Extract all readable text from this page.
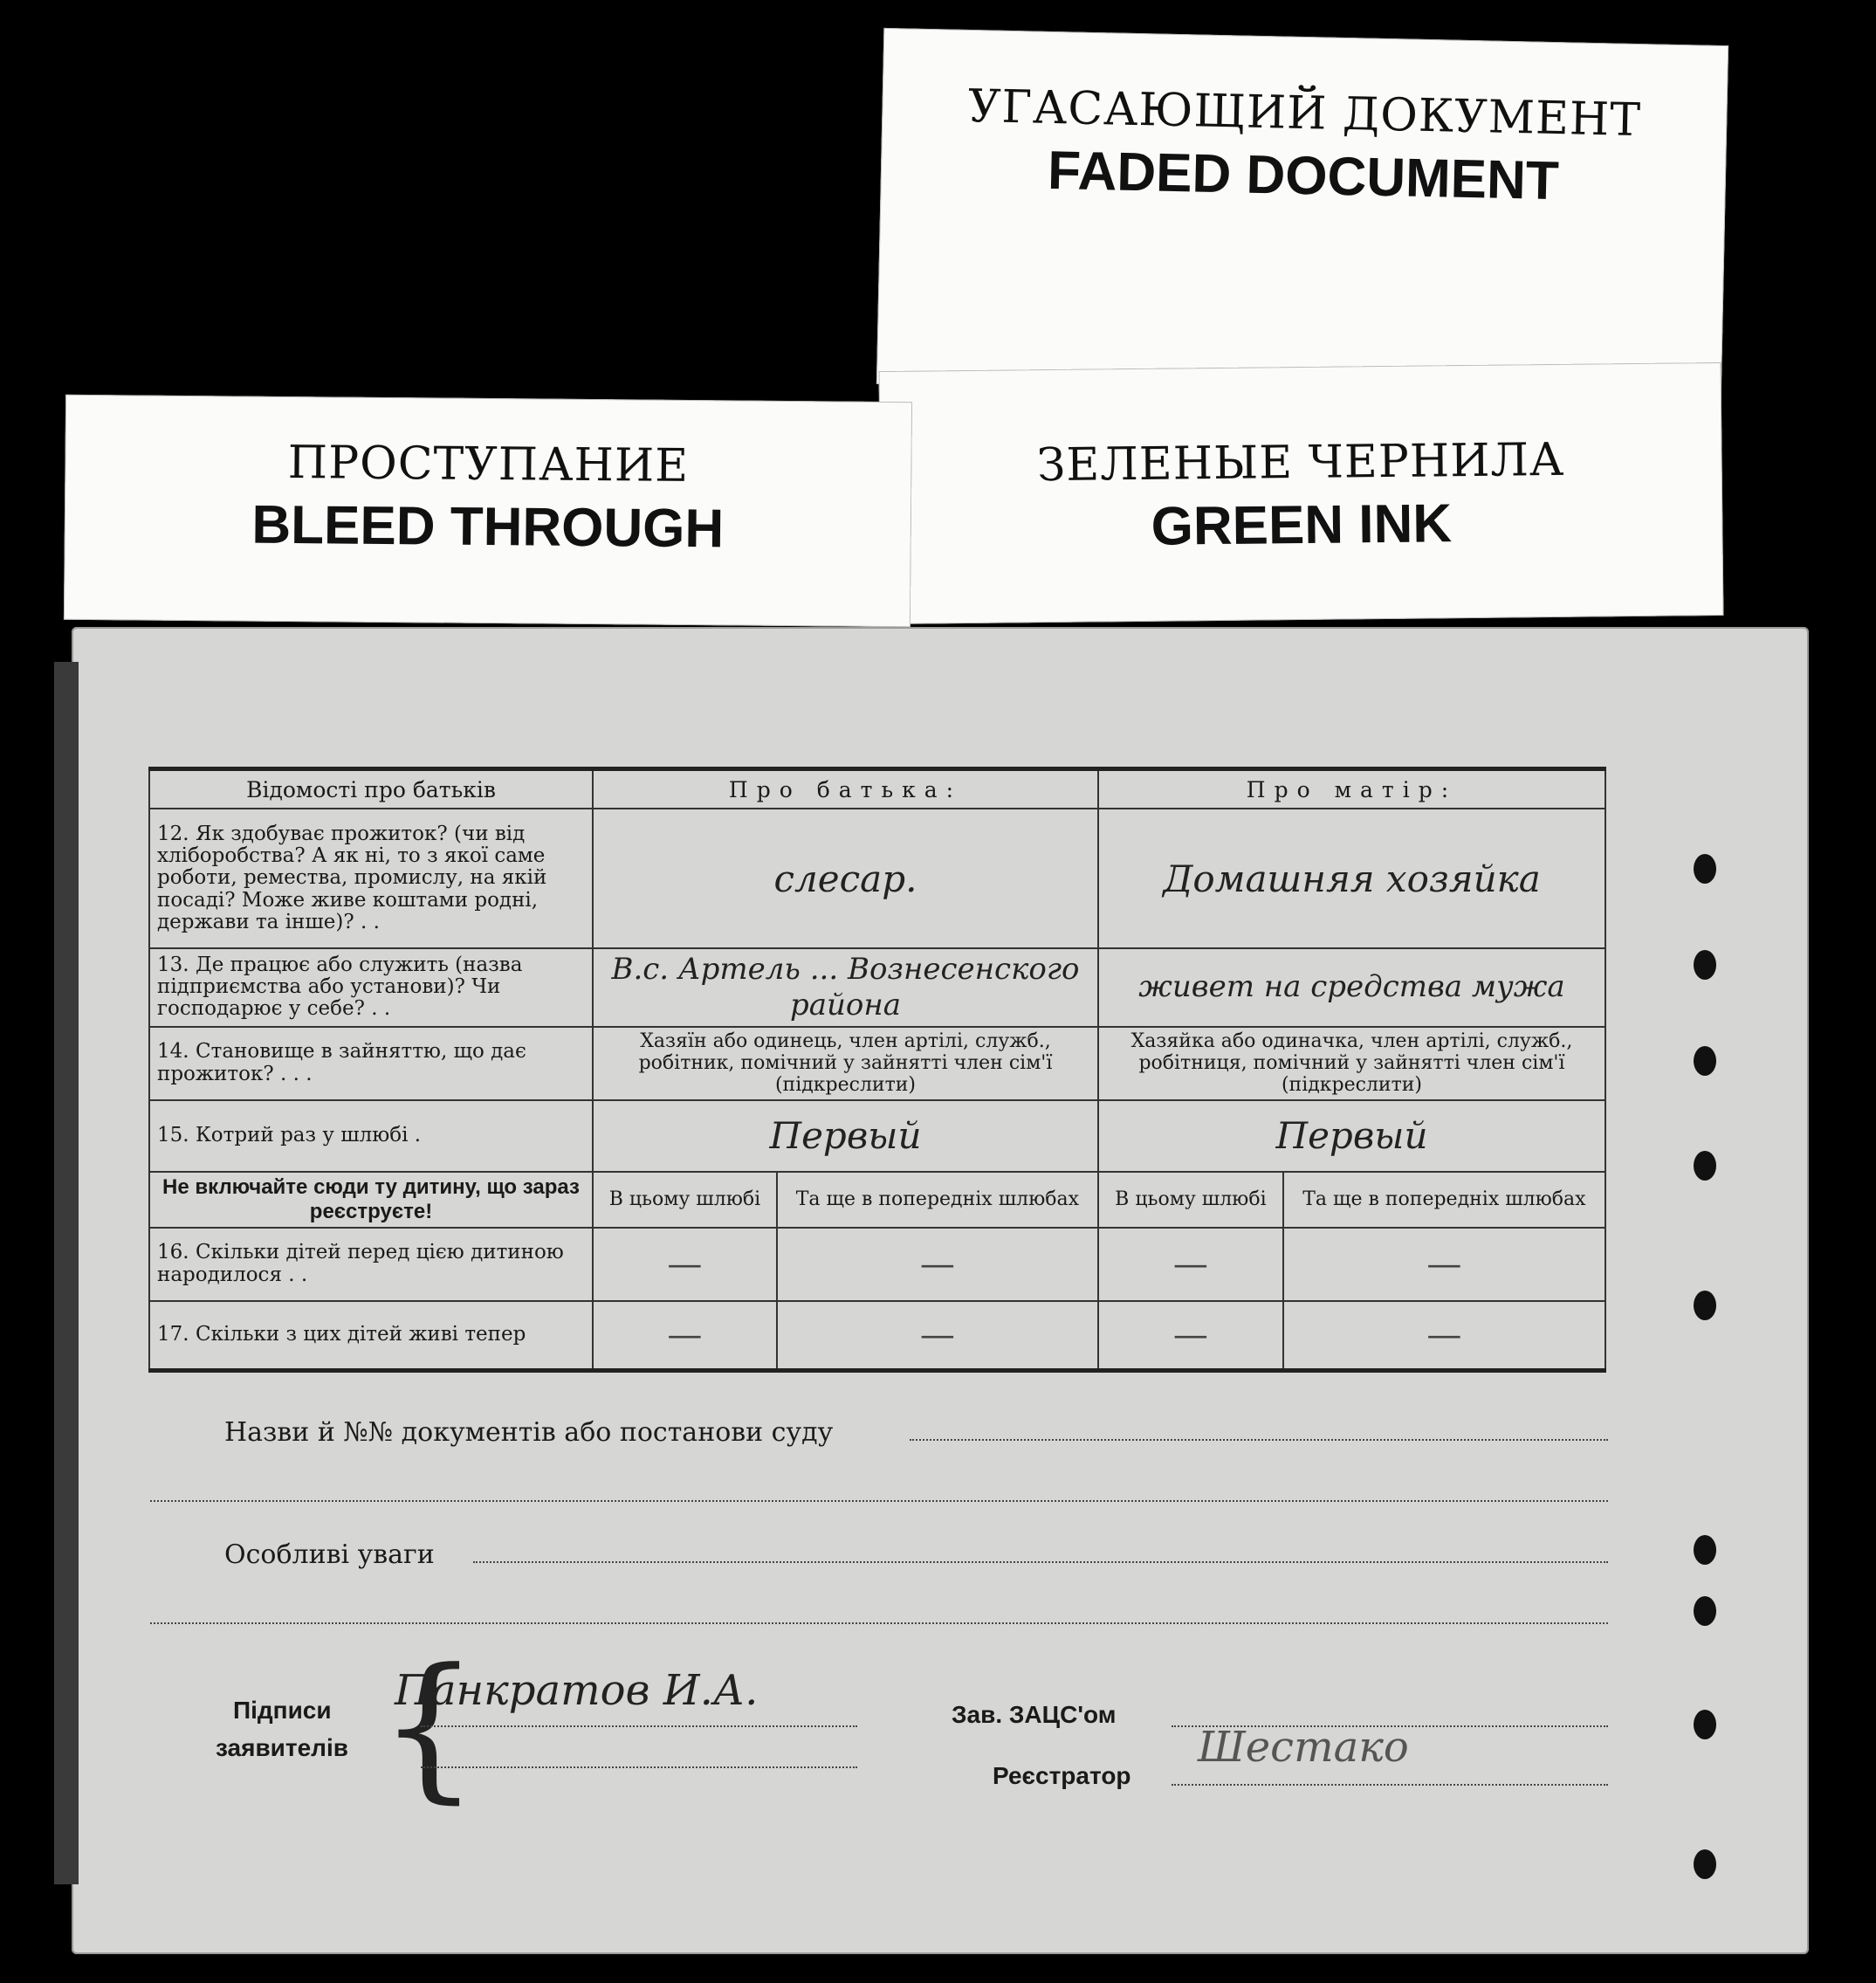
УГАСАЮЩИЙ ДОКУМЕНТ
FADED DOCUMENT
ЗЕЛЕНЫЕ ЧЕРНИЛА
GREEN INK
ПРОСТУПАНИЕ
BLEED THROUGH
Відомості про батьків	Про батька:		Про матір:	
12. Як здобуває прожиток? (чи від хліборобства? А як ні, то з якої саме роботи, ремества, промислу, на якій посаді? Може живе коштами родні, держави та інше)? . .	слесар.		Домашняя хозяйка	
13. Де працює або служить (назва підприємства або установи)? Чи господарює у себе? . .	В.с. Артель ... Вознесенского района		живет на средства мужа	
14. Становище в зайняттю, що дає прожиток? . . .	Хазяїн або одинець, член артілі, служб., робітник, помічний у зайнятті член сім'ї (підкреслити)		Хазяйка або одиначка, член артілі, служб., робітниця, помічний у зайнятті член сім'ї (підкреслити)	
15. Котрий раз у шлюбі .	Первый		Первый	
Не включайте сюди ту дитину, що зараз реєструєте!	В цьому шлюбі	Та ще в попередніх шлюбах	В цьому шлюбі	Та ще в попередніх шлюбах
16. Скільки дітей перед цією дитиною народилося . .	—	—	—	—
17. Скільки з цих дітей живі тепер	—	—	—	—
Назви й №№ документів або постанови суду
Особливі уваги
Підписи
заявителів {
Панкратов И.А.	Зав. ЗАЦС'ом
Реєстратор
Шестако
